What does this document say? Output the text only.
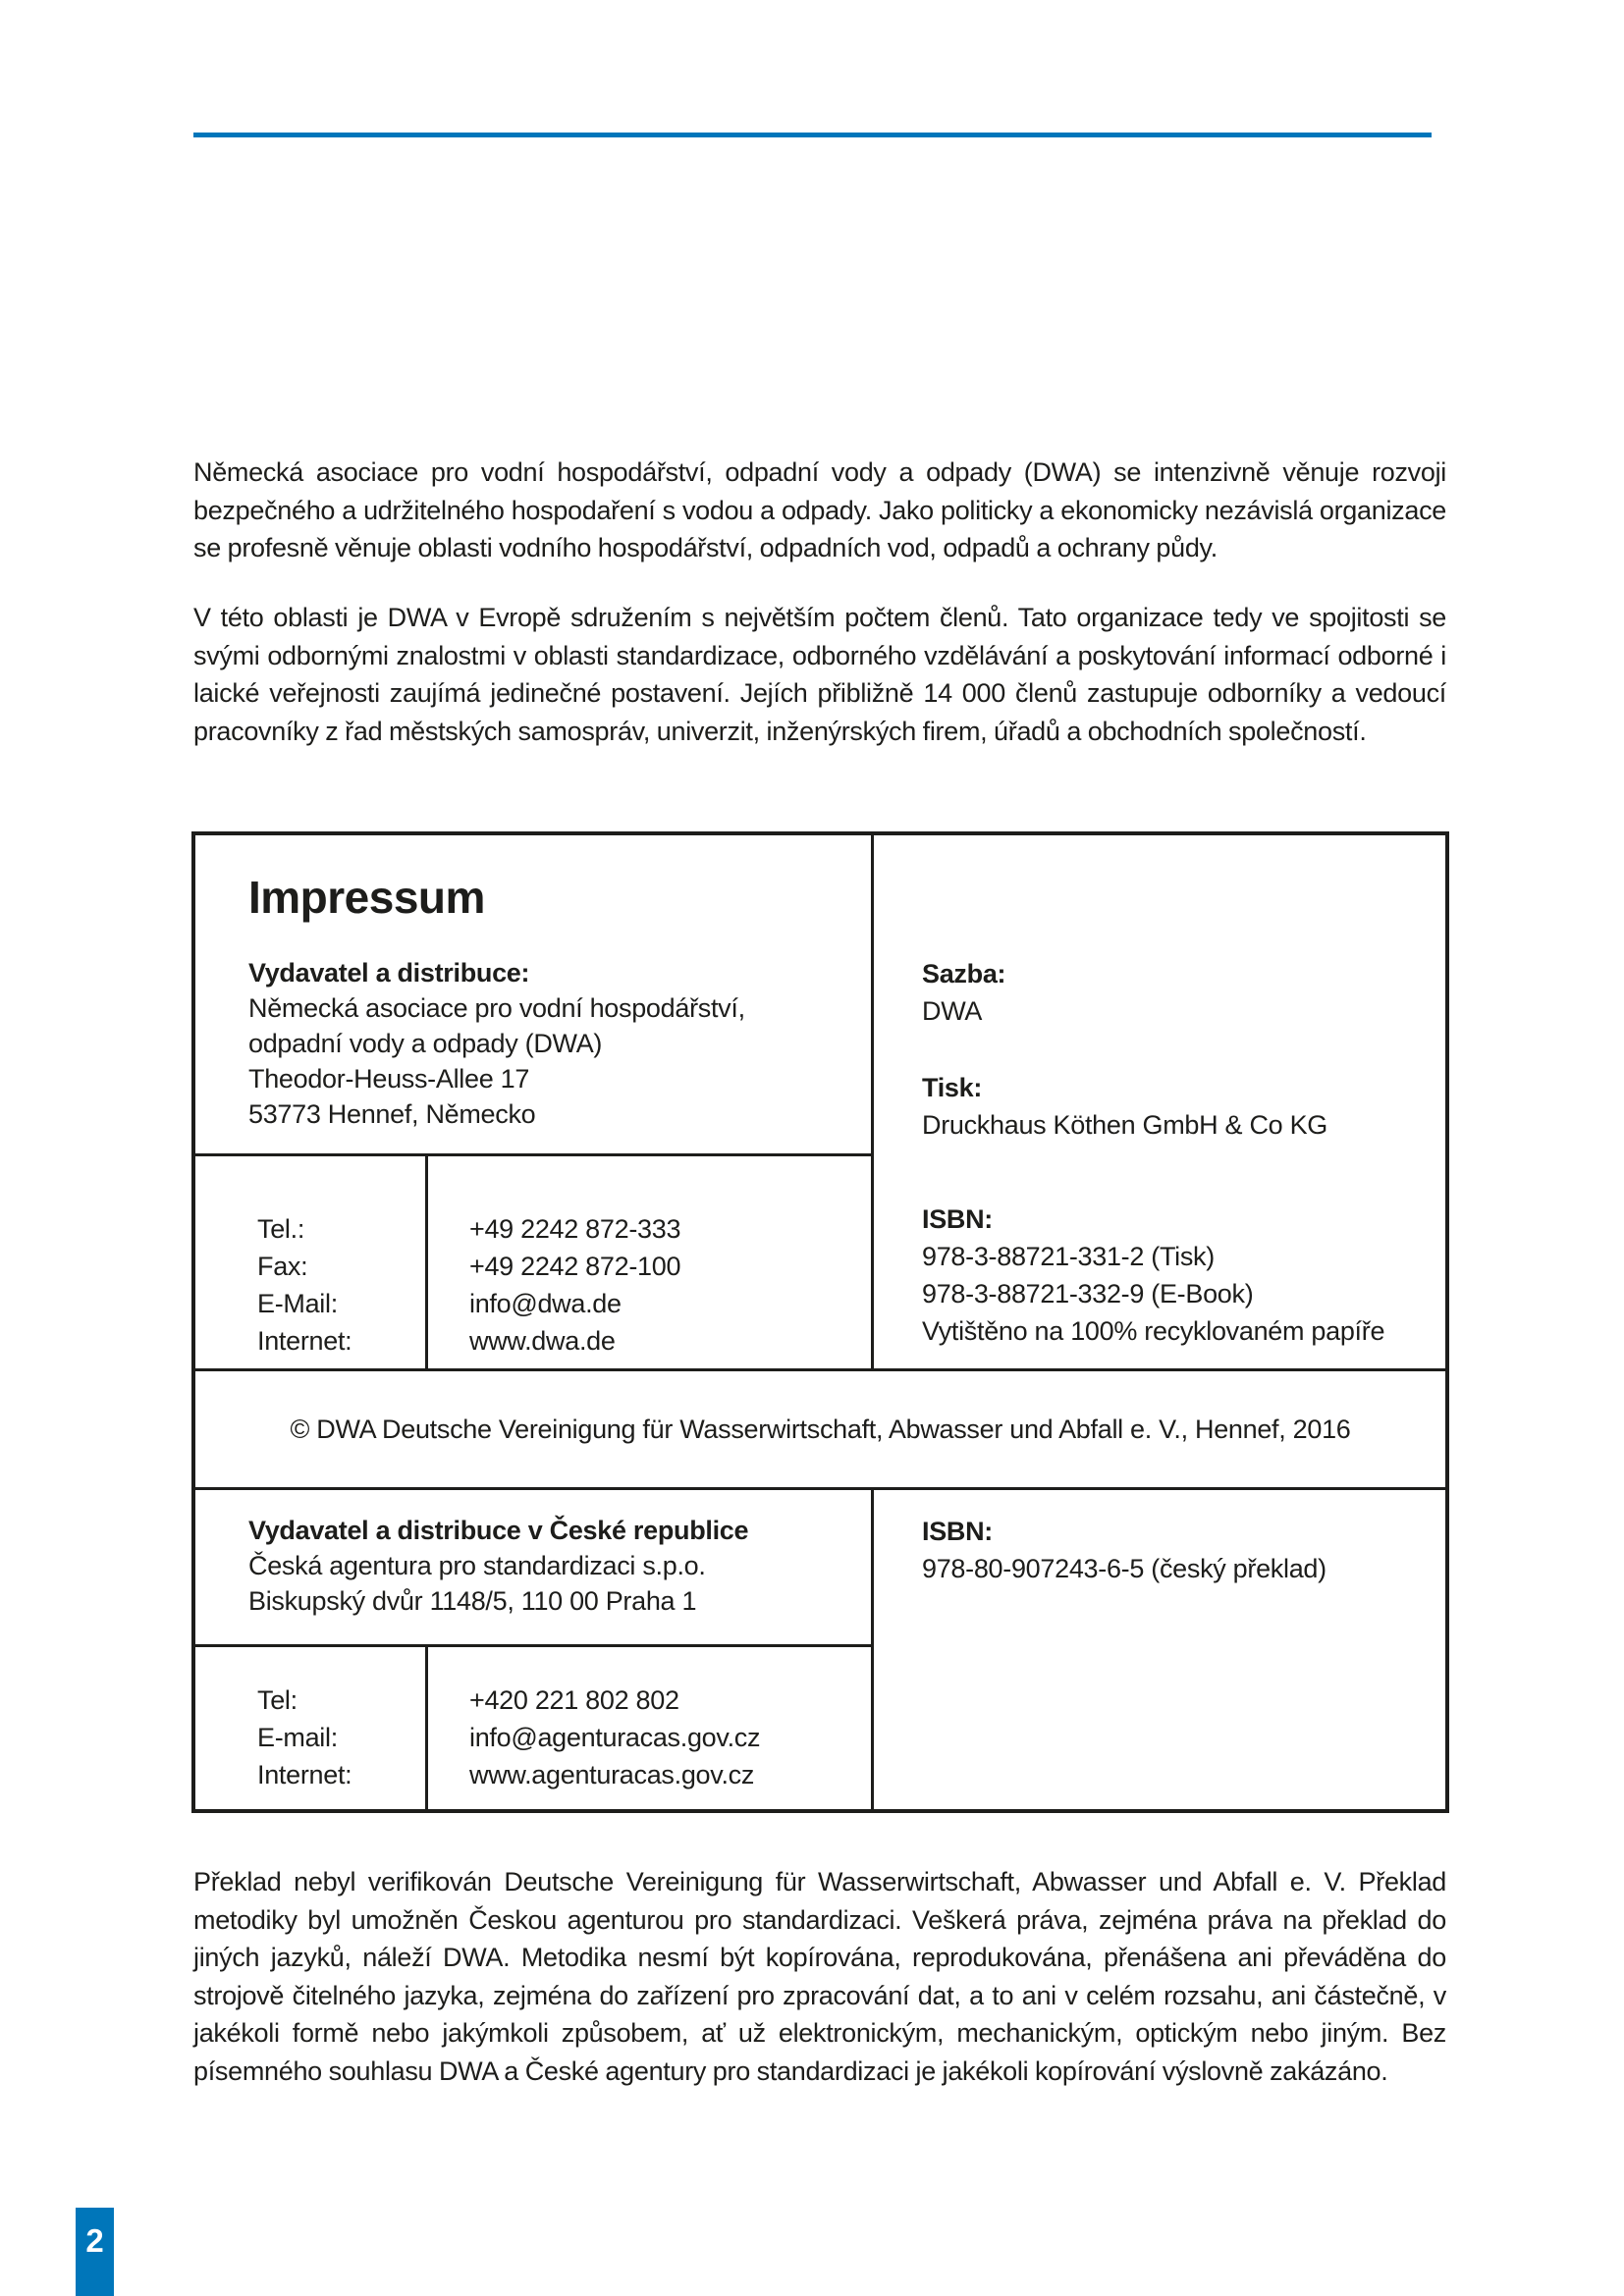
Německá asociace pro vodní hospodářství, odpadní vody a odpady (DWA) se intenzivně věnuje rozvoji bezpečného a udržitelného hospodaření s vodou a odpady. Jako politicky a ekonomicky nezávislá organizace se profesně věnuje oblasti vodního hospodářství, odpadních vod, odpadů a ochrany půdy.

V této oblasti je DWA v Evropě sdružením s největším počtem členů. Tato organizace tedy ve spojitosti se svými odbornými znalostmi v oblasti standardizace, odborného vzdělávání a poskytování informací odborné i laické veřejnosti zaujímá jedinečné postavení. Jejích přibližně 14 000 členů zastupuje odborníky a vedoucí pracovníky z řad městských samospráv, univerzit, inženýrských firem, úřadů a obchodních společností.

Impressum
Vydavatel a distribuce:
Německá asociace pro vodní hospodářství,
odpadní vody a odpady (DWA)
Theodor-Heuss-Allee 17
53773 Hennef, Německo
Tel.:
Fax:
E-Mail:
Internet:
+49 2242 872-333
+49 2242 872-100
info@dwa.de
www.dwa.de
Sazba:
DWA
Tisk:
Druckhaus Köthen GmbH & Co KG
ISBN:
978-3-88721-331-2 (Tisk)
978-3-88721-332-9 (E-Book)
Vytištěno na 100% recyklovaném papíře
© DWA Deutsche Vereinigung für Wasserwirtschaft, Abwasser und Abfall e. V., Hennef, 2016
Vydavatel a distribuce v České republice
Česká agentura pro standardizaci s.p.o.
Biskupský dvůr 1148/5, 110 00 Praha 1
ISBN:
978-80-907243-6-5 (český překlad)
Tel:
E-mail:
Internet:
+420 221 802 802
info@agenturacas.gov.cz
www.agenturacas.gov.cz

Překlad nebyl verifikován Deutsche Vereinigung für Wasserwirtschaft, Abwasser und Abfall e. V. Překlad metodiky byl umožněn Českou agenturou pro standardizaci. Veškerá práva, zejména práva na překlad do jiných jazyků, náleží DWA. Metodika nesmí být kopírována, reprodukována, přenášena ani převáděna do strojově čitelného jazyka, zejména do zařízení pro zpracování dat, a to ani v celém rozsahu, ani částečně, v jakékoli formě nebo jakýmkoli způsobem, ať už elektronickým, mechanickým, optickým nebo jiným. Bez písemného souhlasu DWA a České agentury pro standardizaci je jakékoli kopírování výslovně zakázáno.

2
